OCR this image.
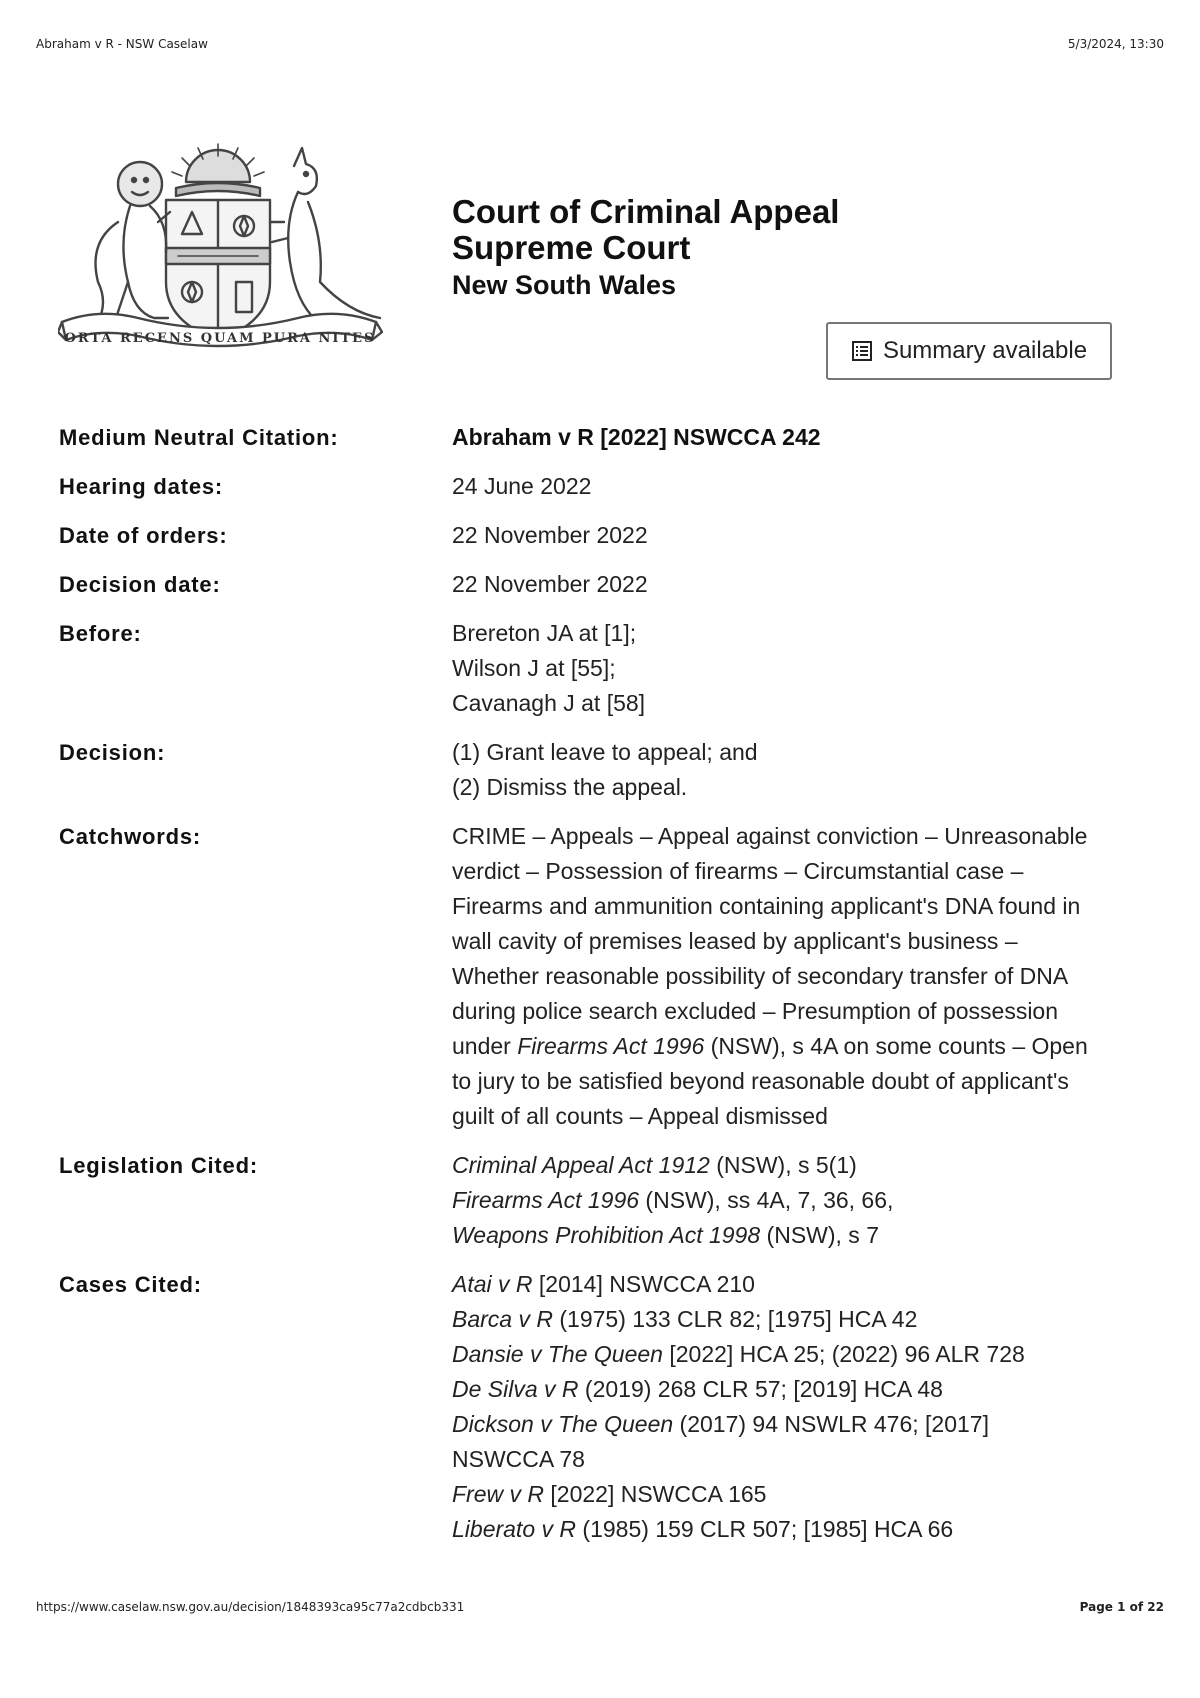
Abraham v R - NSW Caselaw	5/3/2024, 13:30
ORTA RECENS QUAM PURA NITES
Court of Criminal Appeal
Supreme Court
New South Wales
Summary available
Medium Neutral Citation:	Abraham v R [2022] NSWCCA 242
Hearing dates:	24 June 2022
Date of orders:	22 November 2022
Decision date:	22 November 2022
Before:	Brereton JA at [1];
Wilson J at [55];
Cavanagh J at [58]
Decision:	(1) Grant leave to appeal; and
(2) Dismiss the appeal.
Catchwords:	CRIME – Appeals – Appeal against conviction – Unreasonable verdict – Possession of firearms – Circumstantial case – Firearms and ammunition containing applicant's DNA found in wall cavity of premises leased by applicant's business – Whether reasonable possibility of secondary transfer of DNA during police search excluded – Presumption of possession under Firearms Act 1996 (NSW), s 4A on some counts – Open to jury to be satisfied beyond reasonable doubt of applicant's guilt of all counts – Appeal dismissed
Legislation Cited:	Criminal Appeal Act 1912 (NSW), s 5(1)
Firearms Act 1996 (NSW), ss 4A, 7, 36, 66,
Weapons Prohibition Act 1998 (NSW), s 7
Cases Cited:	Atai v R [2014] NSWCCA 210
Barca v R (1975) 133 CLR 82; [1975] HCA 42
Dansie v The Queen [2022] HCA 25; (2022) 96 ALR 728
De Silva v R (2019) 268 CLR 57; [2019] HCA 48
Dickson v The Queen (2017) 94 NSWLR 476; [2017] NSWCCA 78
Frew v R [2022] NSWCCA 165
Liberato v R (1985) 159 CLR 507; [1985] HCA 66
https://www.caselaw.nsw.gov.au/decision/1848393ca95c77a2cdbcb331	Page 1 of 22
